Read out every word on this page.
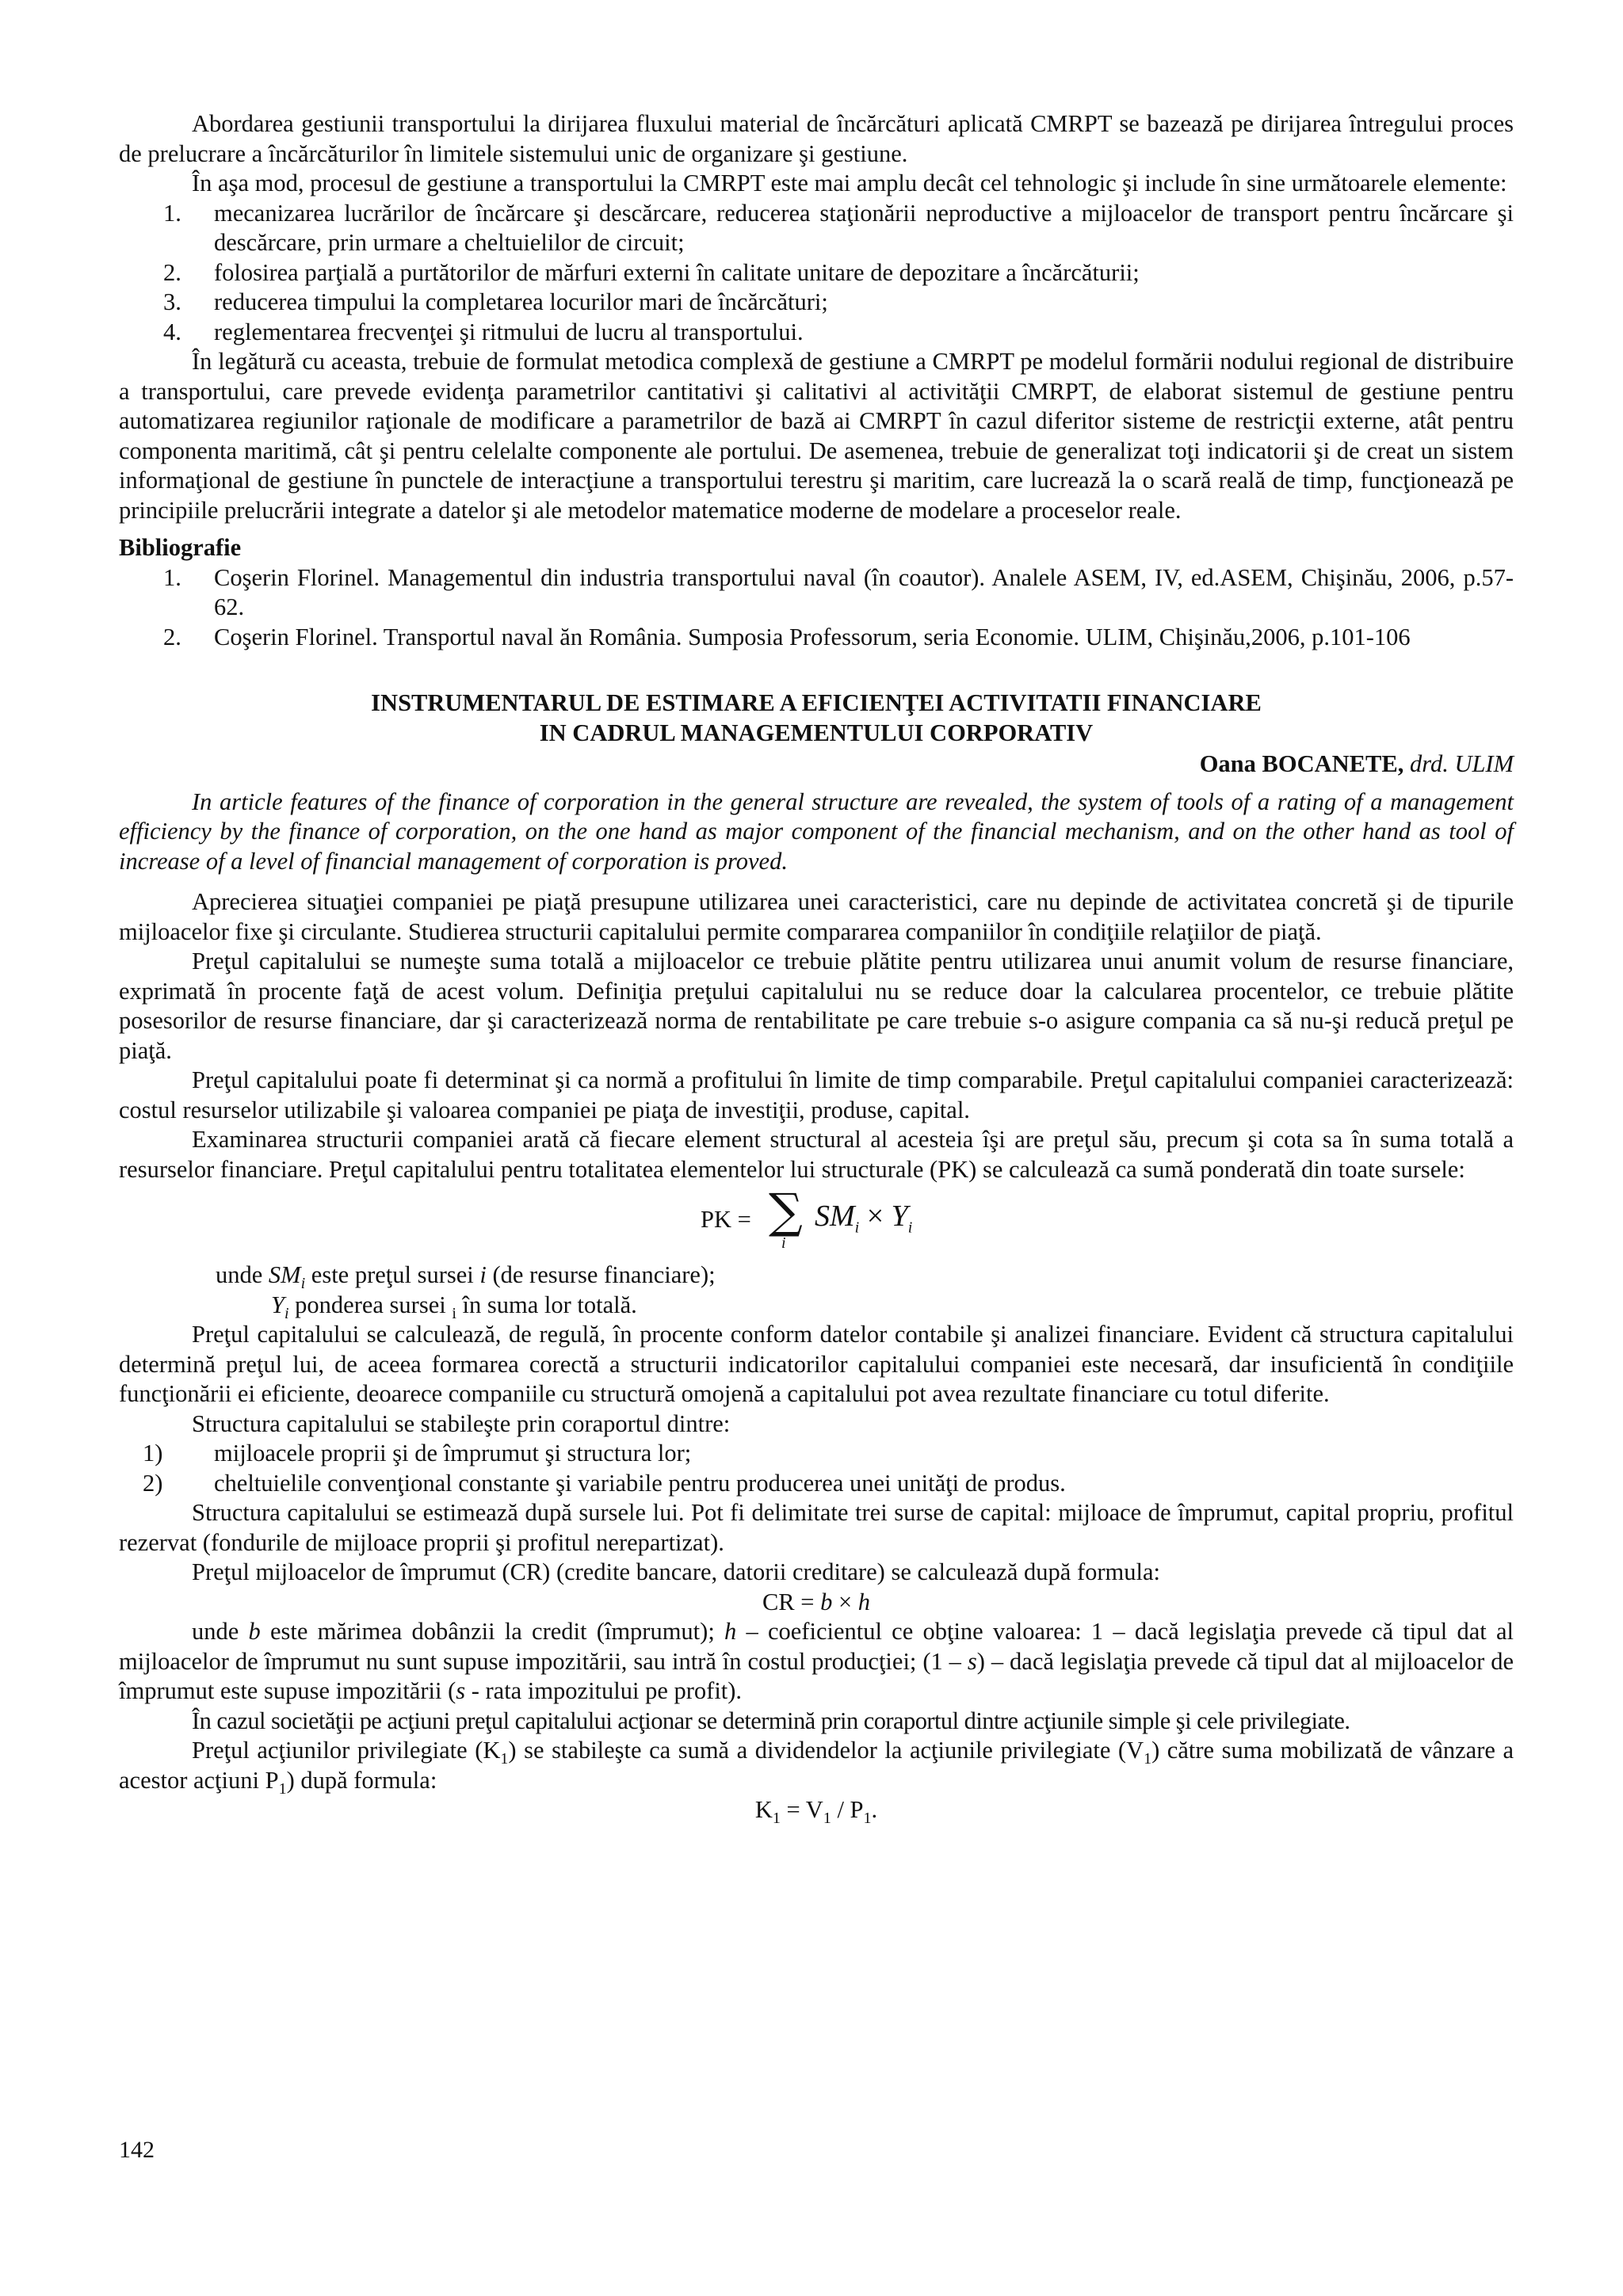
Abordarea gestiunii transportului la dirijarea fluxului material de încărcături aplicată CMRPT se bazează pe dirijarea întregului proces de prelucrare a încărcăturilor în limitele sistemului unic de organizare şi gestiune.

În aşa mod, procesul de gestiune a transportului la CMRPT este mai amplu decât cel tehnologic şi include în sine următoarele elemente:

1. mecanizarea lucrărilor de încărcare şi descărcare, reducerea staţionării neproductive a mijloacelor de transport pentru încărcare şi descărcare, prin urmare a cheltuielilor de circuit;
2. folosirea parţială a purtătorilor de mărfuri externi în calitate unitare de depozitare a încărcăturii;
3. reducerea timpului la completarea locurilor mari de încărcături;
4. reglementarea frecvenţei şi ritmului de lucru al transportului.

În legătură cu aceasta, trebuie de formulat metodica complexă de gestiune a CMRPT pe modelul formării nodului regional de distribuire a transportului, care prevede evidenţa parametrilor cantitativi şi calitativi al activităţii CMRPT, de elaborat sistemul de gestiune pentru automatizarea regiunilor raţionale de modificare a parametrilor de bază ai CMRPT în cazul diferitor sisteme de restricţii externe, atât pentru componenta maritimă, cât şi pentru celelalte componente ale portului. De asemenea, trebuie de generalizat toţi indicatorii şi de creat un sistem informaţional de gestiune în punctele de interacţiune a transportului terestru şi maritim, care lucrează la o scară reală de timp, funcţionează pe principiile prelucrării integrate a datelor şi ale metodelor matematice moderne de modelare a proceselor reale.

Bibliografie

1. Coşerin Florinel. Managementul din industria transportului naval (în coautor). Analele ASEM, IV, ed.ASEM, Chişinău, 2006, p.57-62.
2. Coşerin Florinel. Transportul naval ăn România. Sumposia Professorum, seria Economie. ULIM, Chişinău,2006, p.101-106
INSTRUMENTARUL DE ESTIMARE A EFICIENŢEI ACTIVITATII FINANCIARE
IN CADRUL MANAGEMENTULUI CORPORATIV

Oana BOCANETE, drd. ULIM

In article features of the finance of corporation in the general structure are revealed, the system of tools of a rating of a management efficiency by the finance of corporation, on the one hand as major component of the financial mechanism, and on the other hand as tool of increase of a level of financial management of corporation is proved.

Aprecierea situaţiei companiei pe piaţă presupune utilizarea unei caracteristici, care nu depinde de activitatea concretă şi de tipurile mijloacelor fixe şi circulante. Studierea structurii capitalului permite compararea companiilor în condiţiile relaţiilor de piaţă.

Preţul capitalului se numeşte suma totală a mijloacelor ce trebuie plătite pentru utilizarea unui anumit volum de resurse financiare, exprimată în procente faţă de acest volum. Definiţia preţului capitalului nu se reduce doar la calcularea procentelor, ce trebuie plătite posesorilor de resurse financiare, dar şi caracterizează norma de rentabilitate pe care trebuie s-o asigure compania ca să nu-şi reducă preţul pe piaţă.

Preţul capitalului poate fi determinat şi ca normă a profitului în limite de timp comparabile. Preţul capitalului companiei caracterizează: costul resurselor utilizabile şi valoarea companiei pe piaţa de investiţii, produse, capital.

Examinarea structurii companiei arată că fiecare element structural al acesteia îşi are preţul său, precum şi cota sa în suma totală a resurselor financiare. Preţul capitalului pentru totalitatea elementelor lui structurale (PK) se calculează ca sumă ponderată din toate sursele:

PK = ∑
i
$SM_i \times Y_i$

unde $SM_i$ este preţul sursei i (de resurse financiare);

$Y_i$ ponderea sursei $_i$ în suma lor totală.

Preţul capitalului se calculează, de regulă, în procente conform datelor contabile şi analizei financiare. Evident că structura capitalului determină preţul lui, de aceea formarea corectă a structurii indicatorilor capitalului companiei este necesară, dar insuficientă în condiţiile funcţionării ei eficiente, deoarece companiile cu structură omojenă a capitalului pot avea rezultate financiare cu totul diferite.

Structura capitalului se stabileşte prin coraportul dintre:

1) mijloacele proprii şi de împrumut şi structura lor;
2) cheltuielile convenţional constante şi variabile pentru producerea unei unităţi de produs.

Structura capitalului se estimează după sursele lui. Pot fi delimitate trei surse de capital: mijloace de împrumut, capital propriu, profitul rezervat (fondurile de mijloace proprii şi profitul nerepartizat).

Preţul mijloacelor de împrumut (CR) (credite bancare, datorii creditare) se calculează după formula:

CR = b × h

unde b este mărimea dobânzii la credit (împrumut); h – coeficientul ce obţine valoarea: 1 – dacă legislaţia prevede că tipul dat al mijloacelor de împrumut nu sunt supuse impozitării, sau intră în costul producţiei; (1 – s) – dacă legislaţia prevede că tipul dat al mijloacelor de împrumut este supuse impozitării (s - rata impozitului pe profit).

În cazul societăţii pe acţiuni preţul capitalului acţionar se determină prin coraportul dintre acţiunile simple şi cele privilegiate.

Preţul acţiunilor privilegiate $(K_1)$ se stabileşte ca sumă a dividendelor la acţiunile privilegiate $(V_1)$ către suma mobilizată de vânzare a acestor acţiuni $P_1$) după formula:

$K_1 = V_1 / P_1$.

142
